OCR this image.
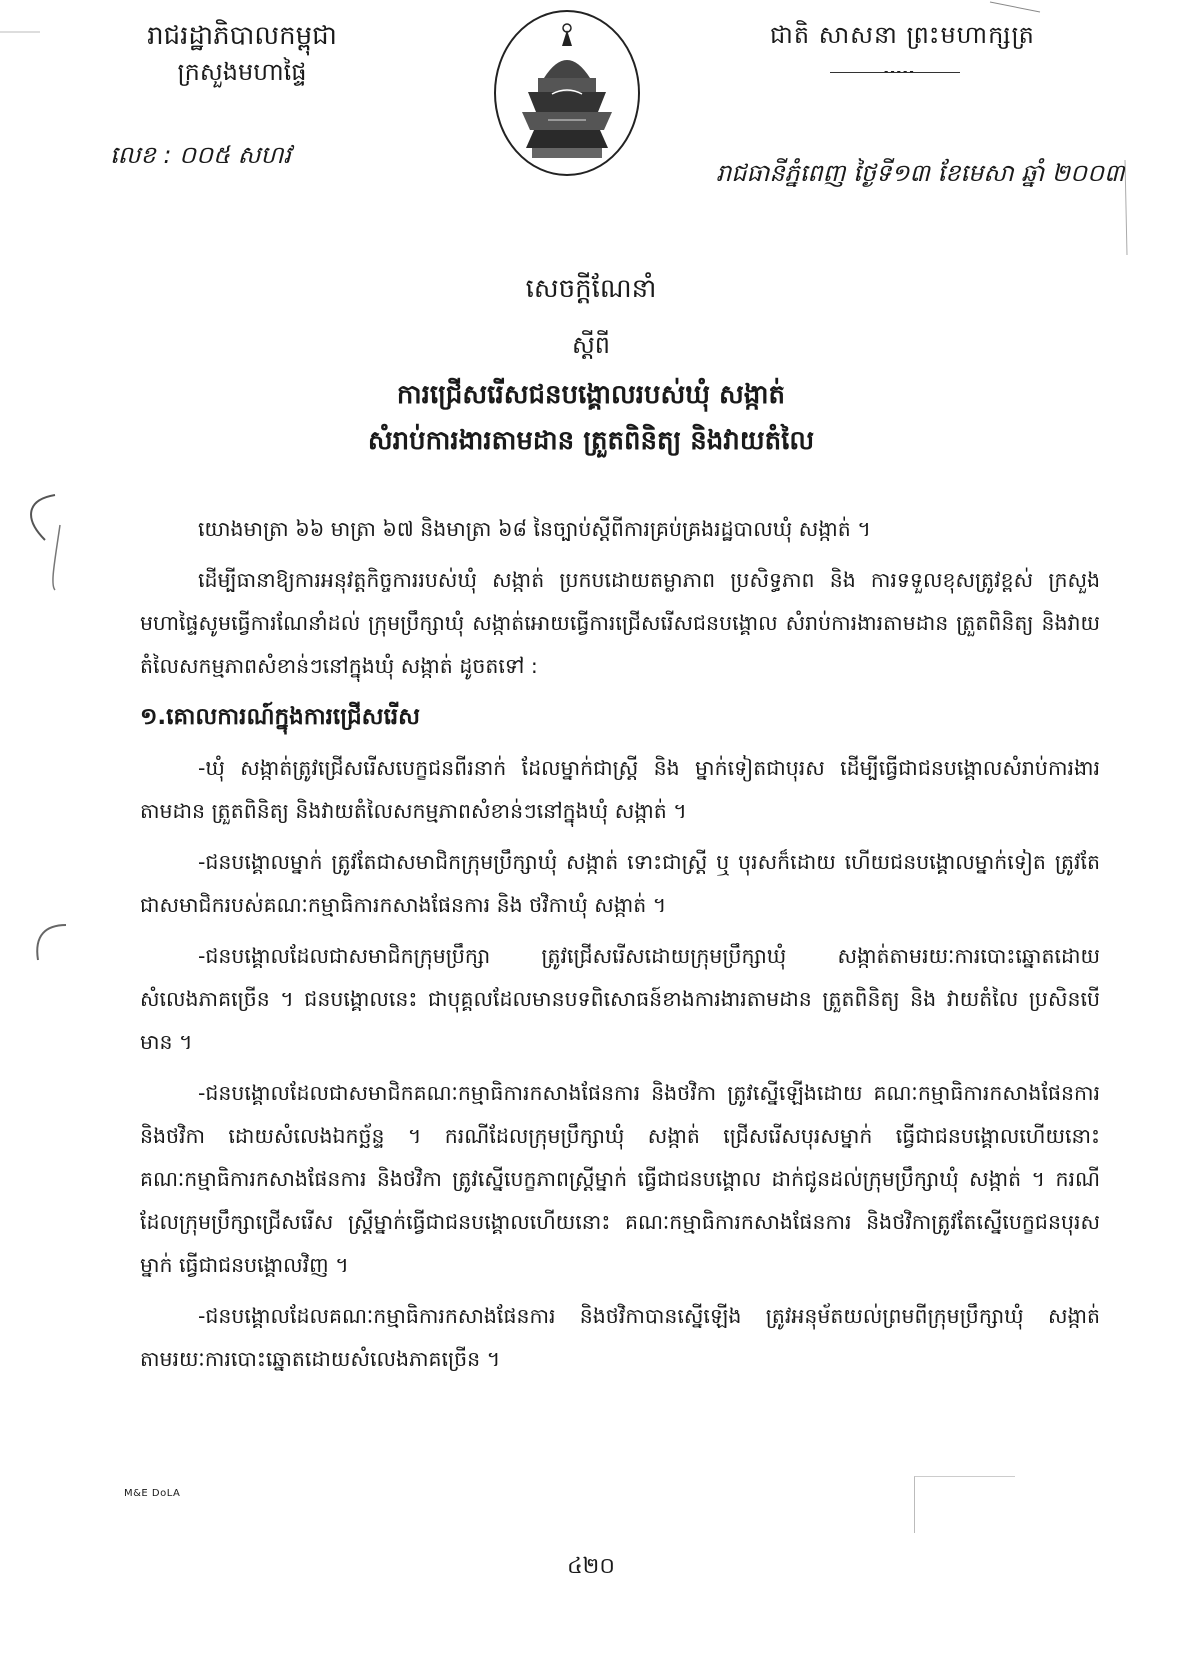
រាជរដ្ឋាភិបាលកម្ពុជា
ក្រសួងមហាផ្ទៃ
លេខ : ០០៥ សហវ
ជាតិ សាសនា ព្រះមហាក្សត្រ
-----
រាជធានីភ្នំពេញ ថ្ងៃទី១៣ ខែមេសា ឆ្នាំ ២០០៣
សេចក្តីណែនាំ
ស្តីពី
ការជ្រើសរើសជនបង្គោលរបស់ឃុំ សង្កាត់
សំរាប់ការងារតាមដាន ត្រួតពិនិត្យ និងវាយតំលៃ

យោងមាត្រា ៦៦ មាត្រា ៦៧ និងមាត្រា ៦៨ នៃច្បាប់ស្តីពីការគ្រប់គ្រងរដ្ឋបាលឃុំ សង្កាត់ ។

ដើម្បីធានាឱ្យការអនុវត្តកិច្ចការរបស់ឃុំ សង្កាត់ ប្រកបដោយតម្លាភាព ប្រសិទ្ធភាព និង ការទទួលខុសត្រូវខ្ពស់ ក្រសួងមហាផ្ទៃសូមធ្វើការណែនាំដល់ ក្រុមប្រឹក្សាឃុំ សង្កាត់អោយធ្វើការជ្រើសរើសជនបង្គោល សំរាប់ការងារតាមដាន ត្រួតពិនិត្យ និងវាយតំលៃសកម្មភាពសំខាន់ៗនៅក្នុងឃុំ សង្កាត់ ដូចតទៅ :

១.គោលការណ៍ក្នុងការជ្រើសរើស

-ឃុំ សង្កាត់ត្រូវជ្រើសរើសបេក្ខជនពីរនាក់ ដែលម្នាក់ជាស្ត្រី និង ម្នាក់ទៀតជាបុរស ដើម្បីធ្វើជាជនបង្គោលសំរាប់ការងារតាមដាន ត្រួតពិនិត្យ និងវាយតំលៃសកម្មភាពសំខាន់ៗនៅក្នុងឃុំ សង្កាត់ ។

-ជនបង្គោលម្នាក់ ត្រូវតែជាសមាជិកក្រុមប្រឹក្សាឃុំ សង្កាត់ ទោះជាស្ត្រី ឬ បុរសក៏ដោយ ហើយជនបង្គោលម្នាក់ទៀត ត្រូវតែជាសមាជិករបស់គណៈកម្មាធិការកសាងផែនការ និង ថវិកាឃុំ សង្កាត់ ។

-ជនបង្គោលដែលជាសមាជិកក្រុមប្រឹក្សា ត្រូវជ្រើសរើសដោយក្រុមប្រឹក្សាឃុំ សង្កាត់តាមរយៈការបោះឆ្នោតដោយសំលេងភាគច្រើន ។ ជនបង្គោលនេះ ជាបុគ្គលដែលមានបទពិសោធន៍ខាងការងារតាមដាន ត្រួតពិនិត្យ និង វាយតំលៃ ប្រសិនបើមាន ។

-ជនបង្គោលដែលជាសមាជិកគណៈកម្មាធិការកសាងផែនការ និងថវិកា ត្រូវស្នើឡើងដោយ គណៈកម្មាធិការកសាងផែនការ និងថវិកា ដោយសំលេងឯកច្ឆ័ន្ទ ។ ករណីដែលក្រុមប្រឹក្សាឃុំ សង្កាត់ ជ្រើសរើសបុរសម្នាក់ ធ្វើជាជនបង្គោលហើយនោះ គណៈកម្មាធិការកសាងផែនការ និងថវិកា ត្រូវស្នើបេក្ខភាពស្ត្រីម្នាក់ ធ្វើជាជនបង្គោល ដាក់ជូនដល់ក្រុមប្រឹក្សាឃុំ សង្កាត់ ។ ករណីដែលក្រុមប្រឹក្សាជ្រើសរើស ស្ត្រីម្នាក់ធ្វើជាជនបង្គោលហើយនោះ គណៈកម្មាធិការកសាងផែនការ និងថវិកាត្រូវតែស្នើបេក្ខជនបុរសម្នាក់ ធ្វើជាជនបង្គោលវិញ ។

-ជនបង្គោលដែលគណៈកម្មាធិការកសាងផែនការ និងថវិកាបានស្នើឡើង ត្រូវអនុម័តយល់ព្រមពីក្រុមប្រឹក្សាឃុំ សង្កាត់ តាមរយៈការបោះឆ្នោតដោយសំលេងភាគច្រើន ។

M&E DoLA
៤២០
